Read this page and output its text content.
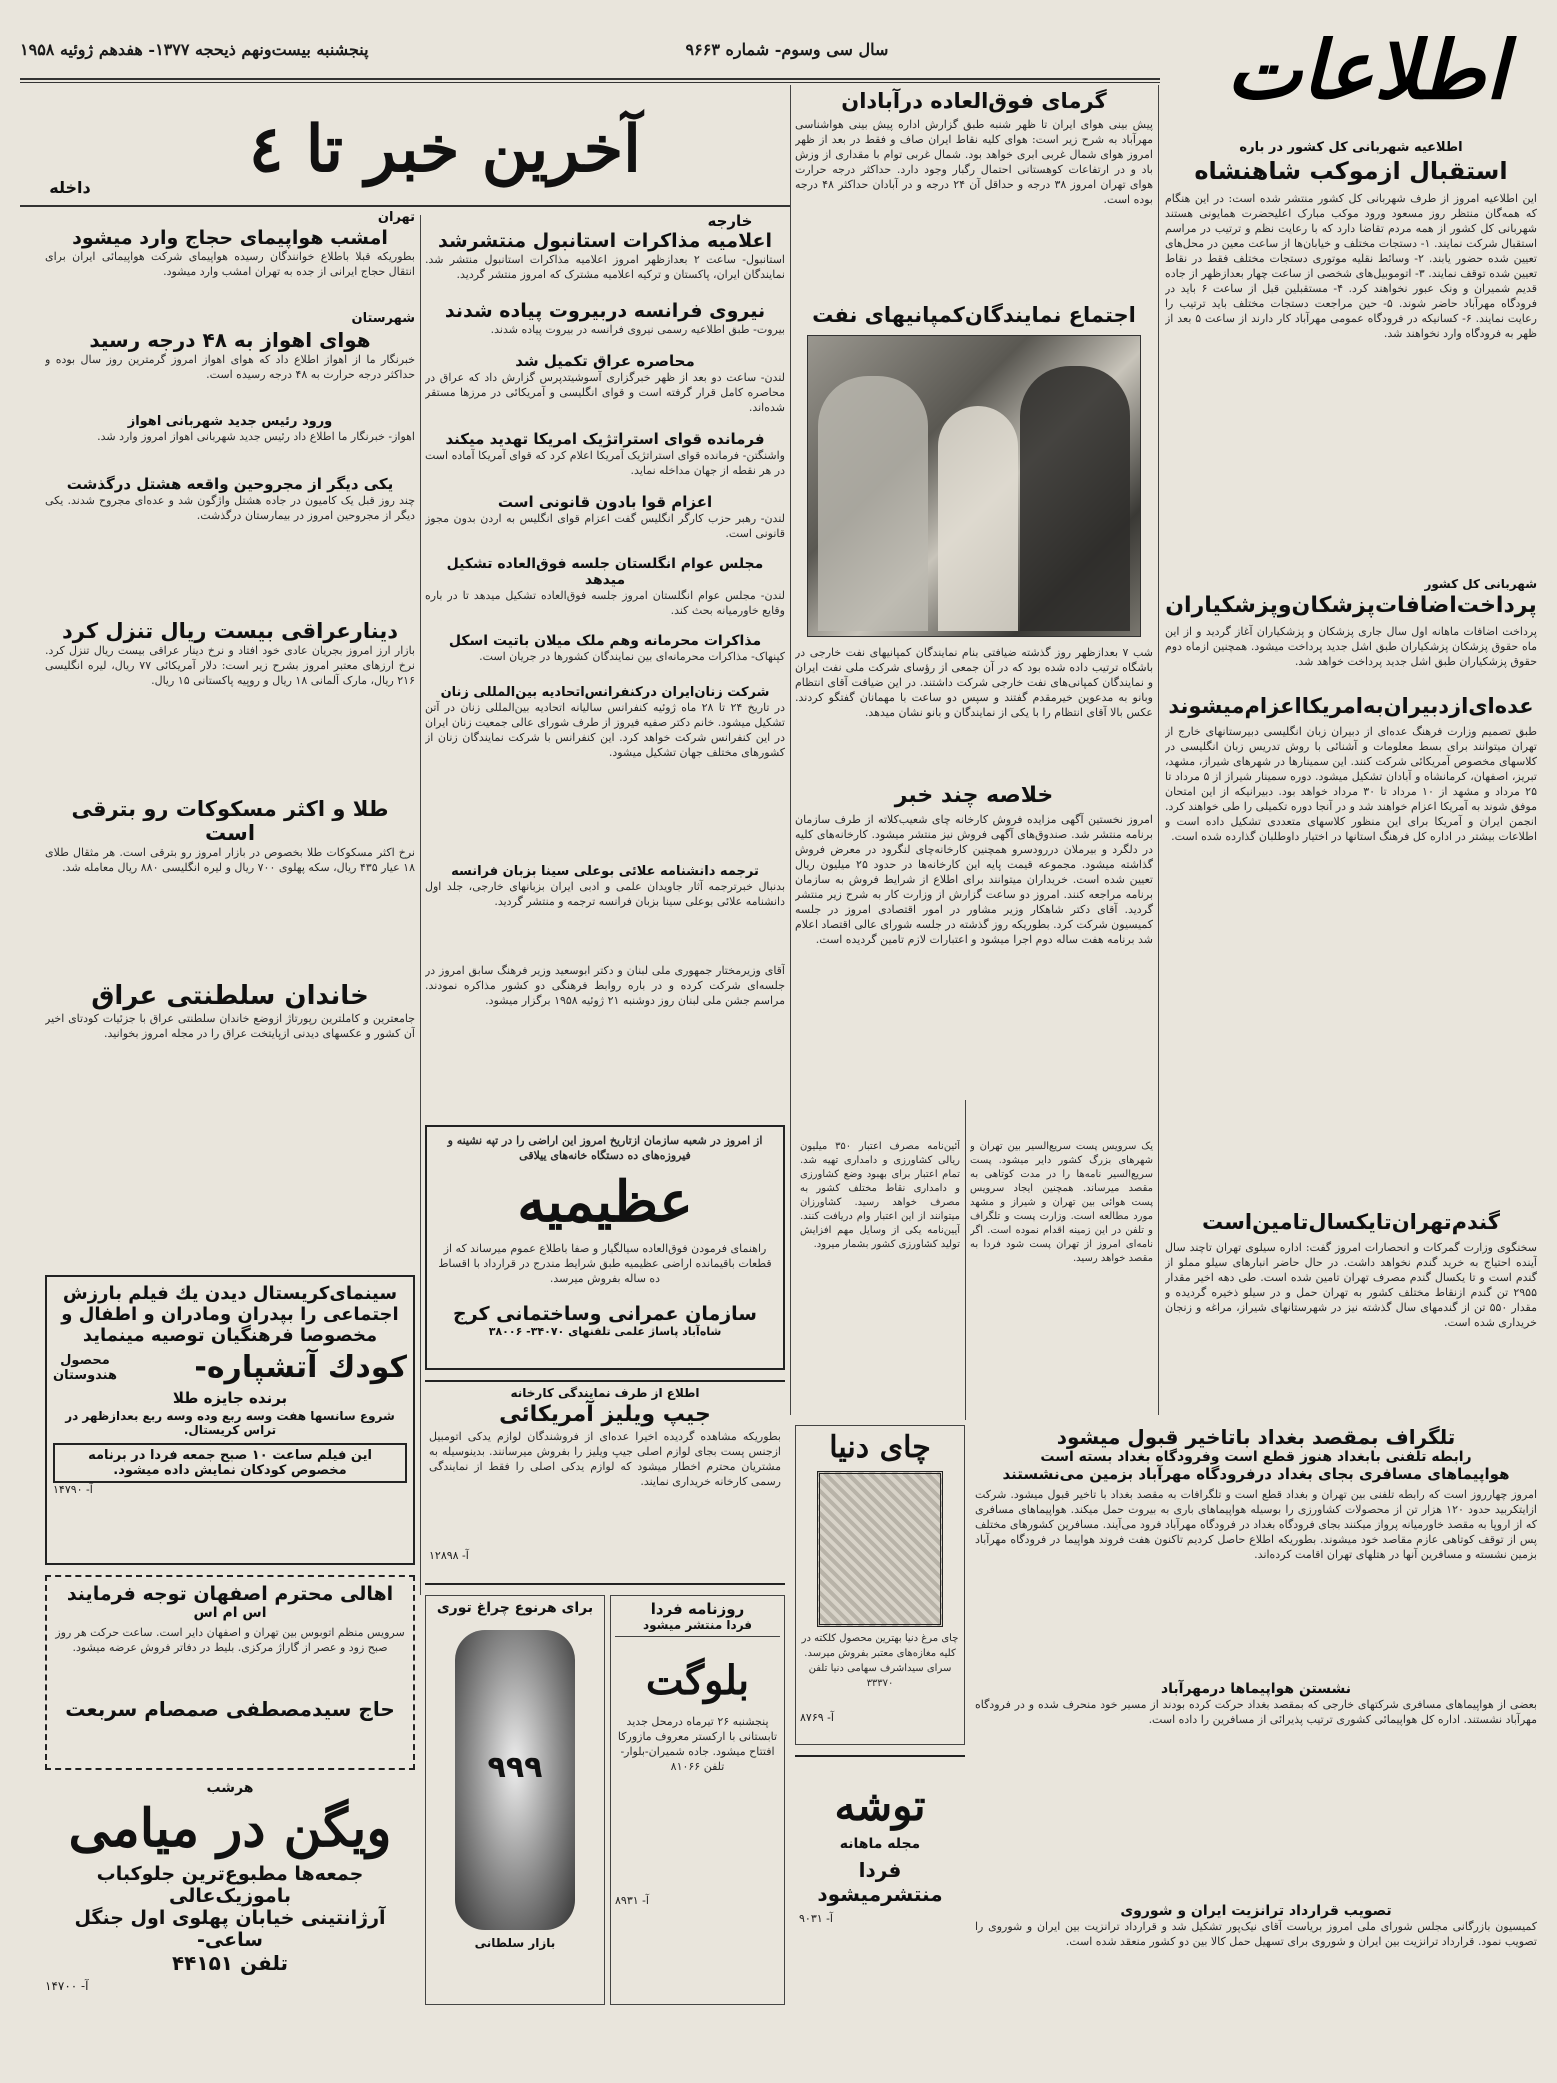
اطلاعات
سال سی وسوم- شماره ۹۶۶۳
پنجشنبه بیست‌ونهم ذیحجه ۱۳۷۷- هفدهم ژوئیه ۱۹۵۸
آخرین خبر تا ٤
داخله
خارجه
اطلاعیه شهربانی کل کشور در باره
استقبال ازموکب شاهنشاه
این اطلاعیه امروز از طرف شهربانی کل کشور منتشر شده است: در این هنگام که همه‌گان منتظر روز مسعود ورود موکب مبارک اعلیحضرت همایونی هستند شهربانی کل کشور از همه مردم تقاضا دارد که با رعایت نظم و ترتیب در مراسم استقبال شرکت نمایند. ۱- دستجات مختلف و خیابان‌ها از ساعت معین در محل‌های تعیین شده حضور یابند. ۲- وسائط نقلیه موتوری دستجات مختلف فقط در نقاط تعیین شده توقف نمایند. ۳- اتوموبیل‌های شخصی از ساعت چهار بعدازظهر از جاده قدیم شمیران و ونک عبور نخواهند کرد. ۴- مستقبلین قبل از ساعت ۶ باید در فرودگاه مهرآباد حاضر شوند. ۵- حین مراجعت دستجات مختلف باید ترتیب را رعایت نمایند. ۶- کسانیکه در فرودگاه عمومی مهرآباد کار دارند از ساعت ۵ بعد از ظهر به فرودگاه وارد نخواهند شد.
شهربانی کل کشور
پرداخت‌اضافات‌پزشکان‌و‌پزشکیاران
پرداخت اضافات ماهانه اول سال جاری پزشکان و پزشکیاران آغاز گردید و از این ماه حقوق پزشکان پزشکیاران طبق اشل جدید پرداخت میشود. همچنین ازماه دوم حقوق پزشکیاران طبق اشل جدید پرداخت خواهد شد.
عده‌ای‌ازدبیران‌به‌امریکا‌اعزام‌میشوند
طبق تصمیم وزارت فرهنگ عده‌ای از دبیران زبان انگلیسی دبیرستانهای خارج از تهران میتوانند برای بسط معلومات و آشنائی با روش تدریس زبان انگلیسی در کلاسهای مخصوص آمریکائی شرکت کنند. این سمینارها در شهرهای شیراز، مشهد، تبریز، اصفهان، کرمانشاه و آبادان تشکیل میشود. دوره سمینار شیراز از ۵ مرداد تا ۲۵ مرداد و مشهد از ۱۰ مرداد تا ۳۰ مرداد خواهد بود. دبیرانیکه از این امتحان موفق شوند به آمریکا اعزام خواهند شد و در آنجا دوره تکمیلی را طی خواهند کرد. انجمن ایران و آمریکا برای این منظور کلاسهای متعددی تشکیل داده است و اطلاعات بیشتر در اداره کل فرهنگ استانها در اختیار داوطلبان گذارده شده است.
گندم‌تهران‌تا‌یکسال‌تامین‌است
سخنگوی وزارت گمرکات و انحصارات امروز گفت: اداره سیلوی تهران تاچند سال آینده احتیاج به خرید گندم نخواهد داشت. در حال حاضر انبارهای سیلو مملو از گندم است و تا یکسال گندم مصرف تهران تامین شده است. طی دهه اخیر مقدار ۲۹۵۵ تن گندم ازنقاط مختلف کشور به تهران حمل و در سیلو ذخیره گردیده و مقدار ۵۵۰ تن از گندمهای سال گذشته نیز در شهرستانهای شیراز، مراغه و زنجان خریداری شده است.
گرمای فوق‌العاده درآبادان
پیش بینی هوای ایران تا ظهر شنبه طبق گزارش اداره پیش بینی هواشناسی مهرآباد به شرح زیر است: هوای کلیه نقاط ایران صاف و فقط در بعد از ظهر امروز هوای شمال غربی ابری خواهد بود. شمال غربی توام با مقداری از وزش باد و در ارتفاعات کوهستانی احتمال رگبار وجود دارد. حداکثر درجه حرارت هوای تهران امروز ۳۸ درجه و حداقل آن ۲۴ درجه و در آبادان حداکثر ۴۸ درجه بوده است.
اجتماع نمایندگان‌کمپانیهای نفت
شب ۷ بعدازظهر روز گذشته ضیافتی بنام نمایندگان کمپانیهای نفت خارجی در باشگاه ترتیب داده شده بود که در آن جمعی از رؤسای شرکت ملی نفت ایران و نمایندگان کمپانی‌های نفت خارجی شرکت داشتند. در این ضیافت آقای انتظام وبانو به مدعوین خیرمقدم گفتند و سپس دو ساعت با مهمانان گفتگو کردند. عکس بالا آقای انتظام را با یکی از نمایندگان و بانو نشان میدهد.
خلاصه چند خبر
امروز نخستین آگهی مزایده فروش کارخانه چای شعیب‌کلاته از طرف سازمان برنامه منتشر شد. صندوق‌های آگهی فروش نیز منتشر میشود. کارخانه‌های کلیه در دلگرد و بیرملان دررودسرو همچنین کارخانه‌چای لنگرود در معرض فروش گذاشته میشود. مجموعه قیمت پایه این کارخانه‌ها در حدود ۲۵ میلیون ریال تعیین شده است. خریداران میتوانند برای اطلاع از شرایط فروش به سازمان برنامه مراجعه کنند. امروز دو ساعت گزارش از وزارت کار به شرح زیر منتشر گردید. آقای دکتر شاهکار وزیر مشاور در امور اقتصادی امروز در جلسه کمیسیون شرکت کرد. بطوریکه روز گذشته در جلسه شورای عالی اقتصاد اعلام شد برنامه هفت ساله دوم اجرا میشود و اعتبارات لازم تامین گردیده است.
آئین‌نامه مصرف اعتبار ۳۵۰ میلیون ریالی کشاورزی و دامداری تهیه شد. تمام اعتبار برای بهبود وضع کشاورزی و دامداری نقاط مختلف کشور به مصرف خواهد رسید. کشاورزان میتوانند از این اعتبار وام دریافت کنند. آیین‌نامه یکی از وسایل مهم افزایش تولید کشاورزی کشور بشمار میرود.
یک سرویس پست سریع‌السیر بین تهران و شهرهای بزرگ کشور دایر میشود. پست سریع‌السیر نامه‌ها را در مدت کوتاهی به مقصد میرساند. همچنین ایجاد سرویس پست هوائی بین تهران و شیراز و مشهد مورد مطالعه است. وزارت پست و تلگراف و تلفن در این زمینه اقدام نموده است. اگر نامه‌ای امروز از تهران پست شود فردا به مقصد خواهد رسید.
اعلامیه مذاکرات استانبول منتشرشد
استانبول- ساعت ۲ بعدازظهر امروز اعلامیه مذاکرات استانبول منتشر شد. نمایندگان ایران، پاکستان و ترکیه اعلامیه مشترک که امروز منتشر گردید.
نیروی فرانسه دربیروت پیاده شدند
بیروت- طبق اطلاعیه رسمی نیروی فرانسه در بیروت پیاده شدند.
محاصره عراق تکمیل شد
لندن- ساعت دو بعد از ظهر خبرگزاری آسوشیتدپرس گزارش داد که عراق در محاصره کامل قرار گرفته است و قوای انگلیسی و آمریکائی در مرزها مستقر شده‌اند.
فرمانده قوای استراتژیک امریکا تهدید میکند
واشنگتن- فرمانده قوای استراتژیک آمریکا اعلام کرد که قوای آمریکا آماده است در هر نقطه از جهان مداخله نماید.
اعزام قوا بادون قانونی است
لندن- رهبر حزب کارگر انگلیس گفت اعزام قوای انگلیس به اردن بدون مجوز قانونی است.
مجلس عوام انگلستان جلسه فوق‌العاده تشکیل میدهد
لندن- مجلس عوام انگلستان امروز جلسه فوق‌العاده تشکیل میدهد تا در باره وقایع خاورمیانه بحث کند.
مذاکرات محرمانه وهم ملک میلان با‌تیت اسکل
کپنهاک- مذاکرات محرمانه‌ای بین نمایندگان کشورها در جریان است.
شرکت زنان‌ایران در‌کنفرانس‌اتحادیه بین‌المللی زنان
در تاریخ ۲۴ تا ۲۸ ماه ژوئیه کنفرانس سالیانه اتحادیه بین‌المللی زنان در آتن تشکیل میشود. خانم دکتر صفیه فیروز از طرف شورای عالی جمعیت زنان ایران در این کنفرانس شرکت خواهد کرد. این کنفرانس با شرکت نمایندگان زنان از کشورهای مختلف جهان تشکیل میشود.
ترجمه دانشنامه علائی بوعلی سینا بزبان فرانسه
بدنبال خبرترجمه آثار جاویدان علمی و ادبی ایران بزبانهای خارجی، جلد اول دانشنامه علائی بوعلی سینا بزبان فرانسه ترجمه و منتشر گردید.
آقای وزیرمختار جمهوری ملی لبنان و دکتر ابوسعید وزیر فرهنگ سابق امروز در جلسه‌ای شرکت کرده و در باره روابط فرهنگی دو کشور مذاکره نمودند. مراسم جشن ملی لبنان روز دوشنبه ۲۱ ژوئیه ۱۹۵۸ برگزار میشود.
تهران
امشب هواپیمای حجاج وارد میشود
بطوریکه قبلا باطلاع خوانندگان رسیده هواپیمای شرکت هواپیمائی ایران برای انتقال حجاج ایرانی از جده به تهران امشب وارد میشود.
شهرستان
هوای اهواز به ۴۸ درجه رسید
خبرنگار ما از اهواز اطلاع داد که هوای اهواز امروز گرمترین روز سال بوده و حداکثر درجه حرارت به ۴۸ درجه رسیده است.
ورود رئیس جدید شهربانی اهواز
اهواز- خبرنگار ما اطلاع داد رئیس جدید شهربانی اهواز امروز وارد شد.
یکی دیگر از مجروحین واقعه هشتل درگذشت
چند روز قبل یک کامیون در جاده هشتل واژگون شد و عده‌ای مجروح شدند. یکی دیگر از مجروحین امروز در بیمارستان درگذشت.
دینارعراقی بیست ریال تنزل کرد
بازار ارز امروز بجریان عادی خود افتاد و نرخ دینار عراقی بیست ریال تنزل کرد. نرخ ارزهای معتبر امروز بشرح زیر است: دلار آمریکائی ۷۷ ریال، لیره انگلیسی ۲۱۶ ریال، مارک آلمانی ۱۸ ریال و روپیه پاکستانی ۱۵ ریال.
طلا و اکثر مسکوکات رو بترقی است
نرخ اکثر مسکوکات طلا بخصوص در بازار امروز رو بترقی است. هر مثقال طلای ۱۸ عیار ۴۳۵ ریال، سکه پهلوی ۷۰۰ ریال و لیره انگلیسی ۸۸۰ ریال معامله شد.
خاندان سلطنتی عراق
جامعترین و کاملترین رپورتاژ ازوضع خاندان سلطنتی عراق با جزئیات کودتای اخیر آن کشور و عکسهای دیدنی ازپایتخت عراق را در مجله امروز بخوانید.
سینمای‌کریستال دیدن یك فیلم بارزش
اجتماعی را بپدران ومادران و اطفال و
مخصوصا فرهنگیان توصیه مینماید
کودك آتشپاره-
محصول
هندوستان
برنده جایزه طلا
شروع سانسها هفت وسه ربع وده وسه ربع بعدازظهر در تراس کریستال.
این فیلم ساعت ۱۰ صبح جمعه فردا در برنامه مخصوص کودکان نمایش داده میشود.
آ- ۱۴۷۹۰
اهالی محترم اصفهان توجه فرمایند
اس ام اس
سرویس منظم اتوبوس بین تهران و اصفهان دایر است. ساعت حرکت هر روز صبح زود و عصر از گاراژ مرکزی. بلیط در دفاتر فروش عرضه میشود.
حاج سیدمصطفی صمصام سربعت
هرشب
ویگن در میامی
جمعه‌ها مطبوع‌ترین جلوکباب باموزیک‌عالی
آرژانتینی خیابان پهلوی اول جنگل ساعی-
تلفن ۴۴۱۵۱
آ- ۱۴۷۰۰
از امروز در شعبه سازمان ازتاریخ امروز این اراضی را در تپه نشینه و فیروزه‌های ده دستگاه خانه‌های ییلاقی
عظیمیه
راهنمای فرمودن فوق‌العاده سیالگیار و صفا باطلاع عموم میرساند که از قطعات باقیمانده اراضی عظیمیه طبق شرایط مندرج در قرارداد با اقساط ده ساله بفروش میرسد.
سازمان عمرانی وساختمانی کرج
شاه‌آباد پاساژ علمی تلفنهای ۳۴۰۷۰- ۳۸۰۰۶
اطلاع از طرف نمایندگی کارخانه
جیپ ویلیز آمریکائی
بطوریکه مشاهده گردیده اخیرا عده‌ای از فروشندگان لوازم یدکی اتومبیل ازجنس پست بجای لوازم اصلی جیپ ویلیز را بفروش میرسانند. بدینوسیله به مشتریان محترم اخطار میشود که لوازم یدکی اصلی را فقط از نمایندگی رسمی کارخانه خریداری نمایند.
آ- ۱۲۸۹۸
روزنامه فردا
فردا منتشر میشود
بلوگت
پنجشنبه ۲۶ تیرماه درمحل جدید تابستانی با ارکستر معروف مازورکا افتتاح میشود. جاده شمیران-بلوار- تلفن ۸۱۰۶۶
آ- ۸۹۳۱
برای هرنوع چراغ توری
۹۹۹
بازار سلطانی
چای دنیا
چای مرغ دنیا بهترین محصول کلکته در کلیه مغازه‌های معتبر بفروش میرسد. سرای سیداشرف سهامی دنیا تلفن ۳۳۳۷۰
آ- ۸۷۶۹
توشه
مجله ماهانه
فردا منتشرمیشود
آ- ۹۰۳۱
تلگراف بمقصد بغداد باتاخیر قبول میشود
رابطه تلفنی بابغداد هنوز قطع است وفرودگاه بغداد بسته است
هواپیماهای مسافری بجای بغداد درفرودگاه مهرآباد بزمین می‌نشستند
امروز چهارروز است که رابطه تلفنی بین تهران و بغداد قطع است و تلگرافات به مقصد بغداد با تاخیر قبول میشود. شرکت ازایتکربید حدود ۱۲۰ هزار تن از محصولات کشاورزی را بوسیله هواپیماهای باری به بیروت حمل میکند. هواپیماهای مسافری که از اروپا به مقصد خاورمیانه پرواز میکنند بجای فرودگاه بغداد در فرودگاه مهرآباد فرود می‌آیند. مسافرین کشورهای مختلف پس از توقف کوتاهی عازم مقاصد خود میشوند. بطوریکه اطلاع حاصل کردیم تاکنون هفت فروند هواپیما در فرودگاه مهرآباد بزمین نشسته و مسافرین آنها در هتلهای تهران اقامت کرده‌اند.
نشستن هواپیماها درمهرآباد
بعضی از هواپیماهای مسافری شرکتهای خارجی که بمقصد بغداد حرکت کرده بودند از مسیر خود منحرف شده و در فرودگاه مهرآباد نشستند. اداره کل هواپیمائی کشوری ترتیب پذیرائی از مسافرین را داده است.
تصویب قرارداد ترانزیت ایران و شوروی
کمیسیون بازرگانی مجلس شورای ملی امروز بریاست آقای نیک‌پور تشکیل شد و قرارداد ترانزیت بین ایران و شوروی را تصویب نمود. قرارداد ترانزیت بین ایران و شوروی برای تسهیل حمل کالا بین دو کشور منعقد شده است.
